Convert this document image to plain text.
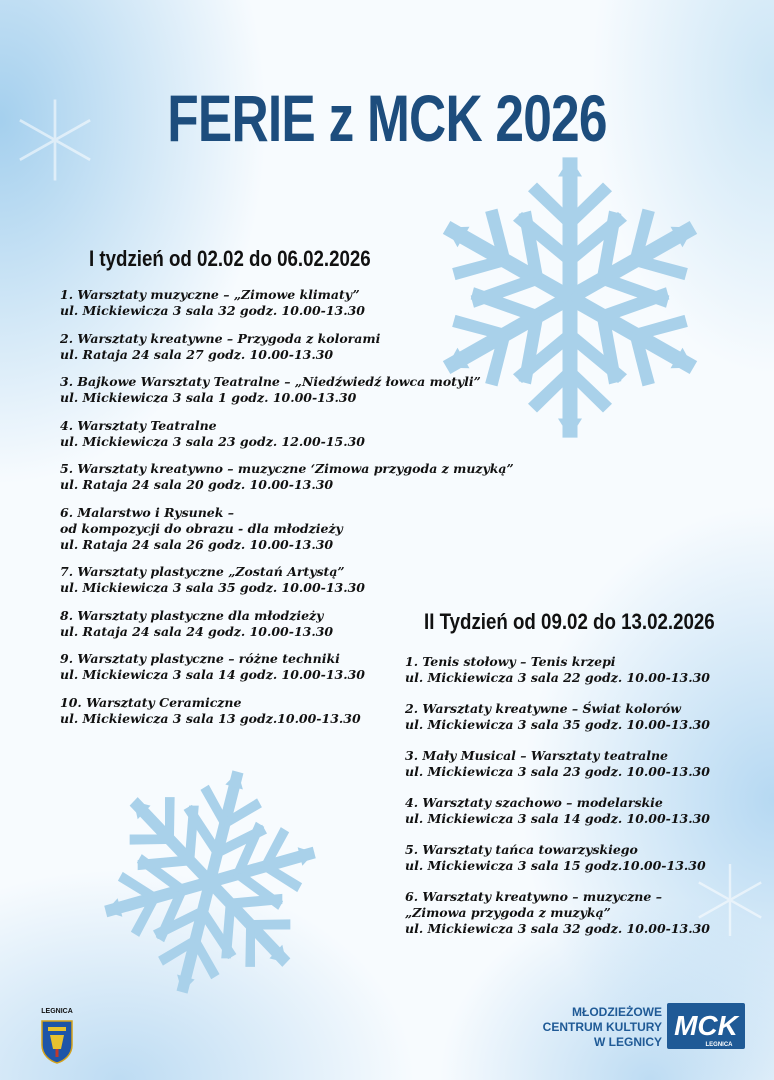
FERIE z MCK 2026
I tydzień od 02.02 do 06.02.2026
1. Warsztaty muzyczne – „Zimowe klimaty”
ul. Mickiewicza 3 sala 32 godz. 10.00-13.30
2. Warsztaty kreatywne – Przygoda z kolorami
ul. Rataja 24 sala 27 godz. 10.00-13.30
3. Bajkowe Warsztaty Teatralne – „Niedźwiedź łowca motyli”
ul. Mickiewicza 3 sala 1 godz. 10.00-13.30
4. Warsztaty Teatralne
ul. Mickiewicza 3 sala 23 godz. 12.00-15.30
5. Warsztaty kreatywno – muzyczne ‘Zimowa przygoda z muzyką”
ul. Rataja 24 sala 20 godz. 10.00-13.30
6. Malarstwo i Rysunek –
od kompozycji do obrazu - dla młodzieży
ul. Rataja 24 sala 26 godz. 10.00-13.30
7. Warsztaty plastyczne „Zostań Artystą”
ul. Mickiewicza 3 sala 35 godz. 10.00-13.30
8. Warsztaty plastyczne dla młodzieży
ul. Rataja 24 sala 24 godz. 10.00-13.30
9. Warsztaty plastyczne – różne techniki
ul. Mickiewicza 3 sala 14 godz. 10.00-13.30
10. Warsztaty Ceramiczne
ul. Mickiewicza 3 sala 13 godz.10.00-13.30
II Tydzień od 09.02 do 13.02.2026
1. Tenis stołowy – Tenis krzepi
ul. Mickiewicza 3 sala 22 godz. 10.00-13.30
2. Warsztaty kreatywne – Świat kolorów
ul. Mickiewicza 3 sala 35 godz. 10.00-13.30
3. Mały Musical – Warsztaty teatralne
ul. Mickiewicza 3 sala 23 godz. 10.00-13.30
4. Warsztaty szachowo – modelarskie
ul. Mickiewicza 3 sala 14 godz. 10.00-13.30
5. Warsztaty tańca towarzyskiego
ul. Mickiewicza 3 sala 15 godz.10.00-13.30
6. Warsztaty kreatywno – muzyczne –
„Zimowa przygoda z muzyką”
ul. Mickiewicza 3 sala 32 godz. 10.00-13.30
LEGNICA	MŁODZIEŻOWE
CENTRUM KULTURY
W LEGNICY
MCK
LEGNICA
